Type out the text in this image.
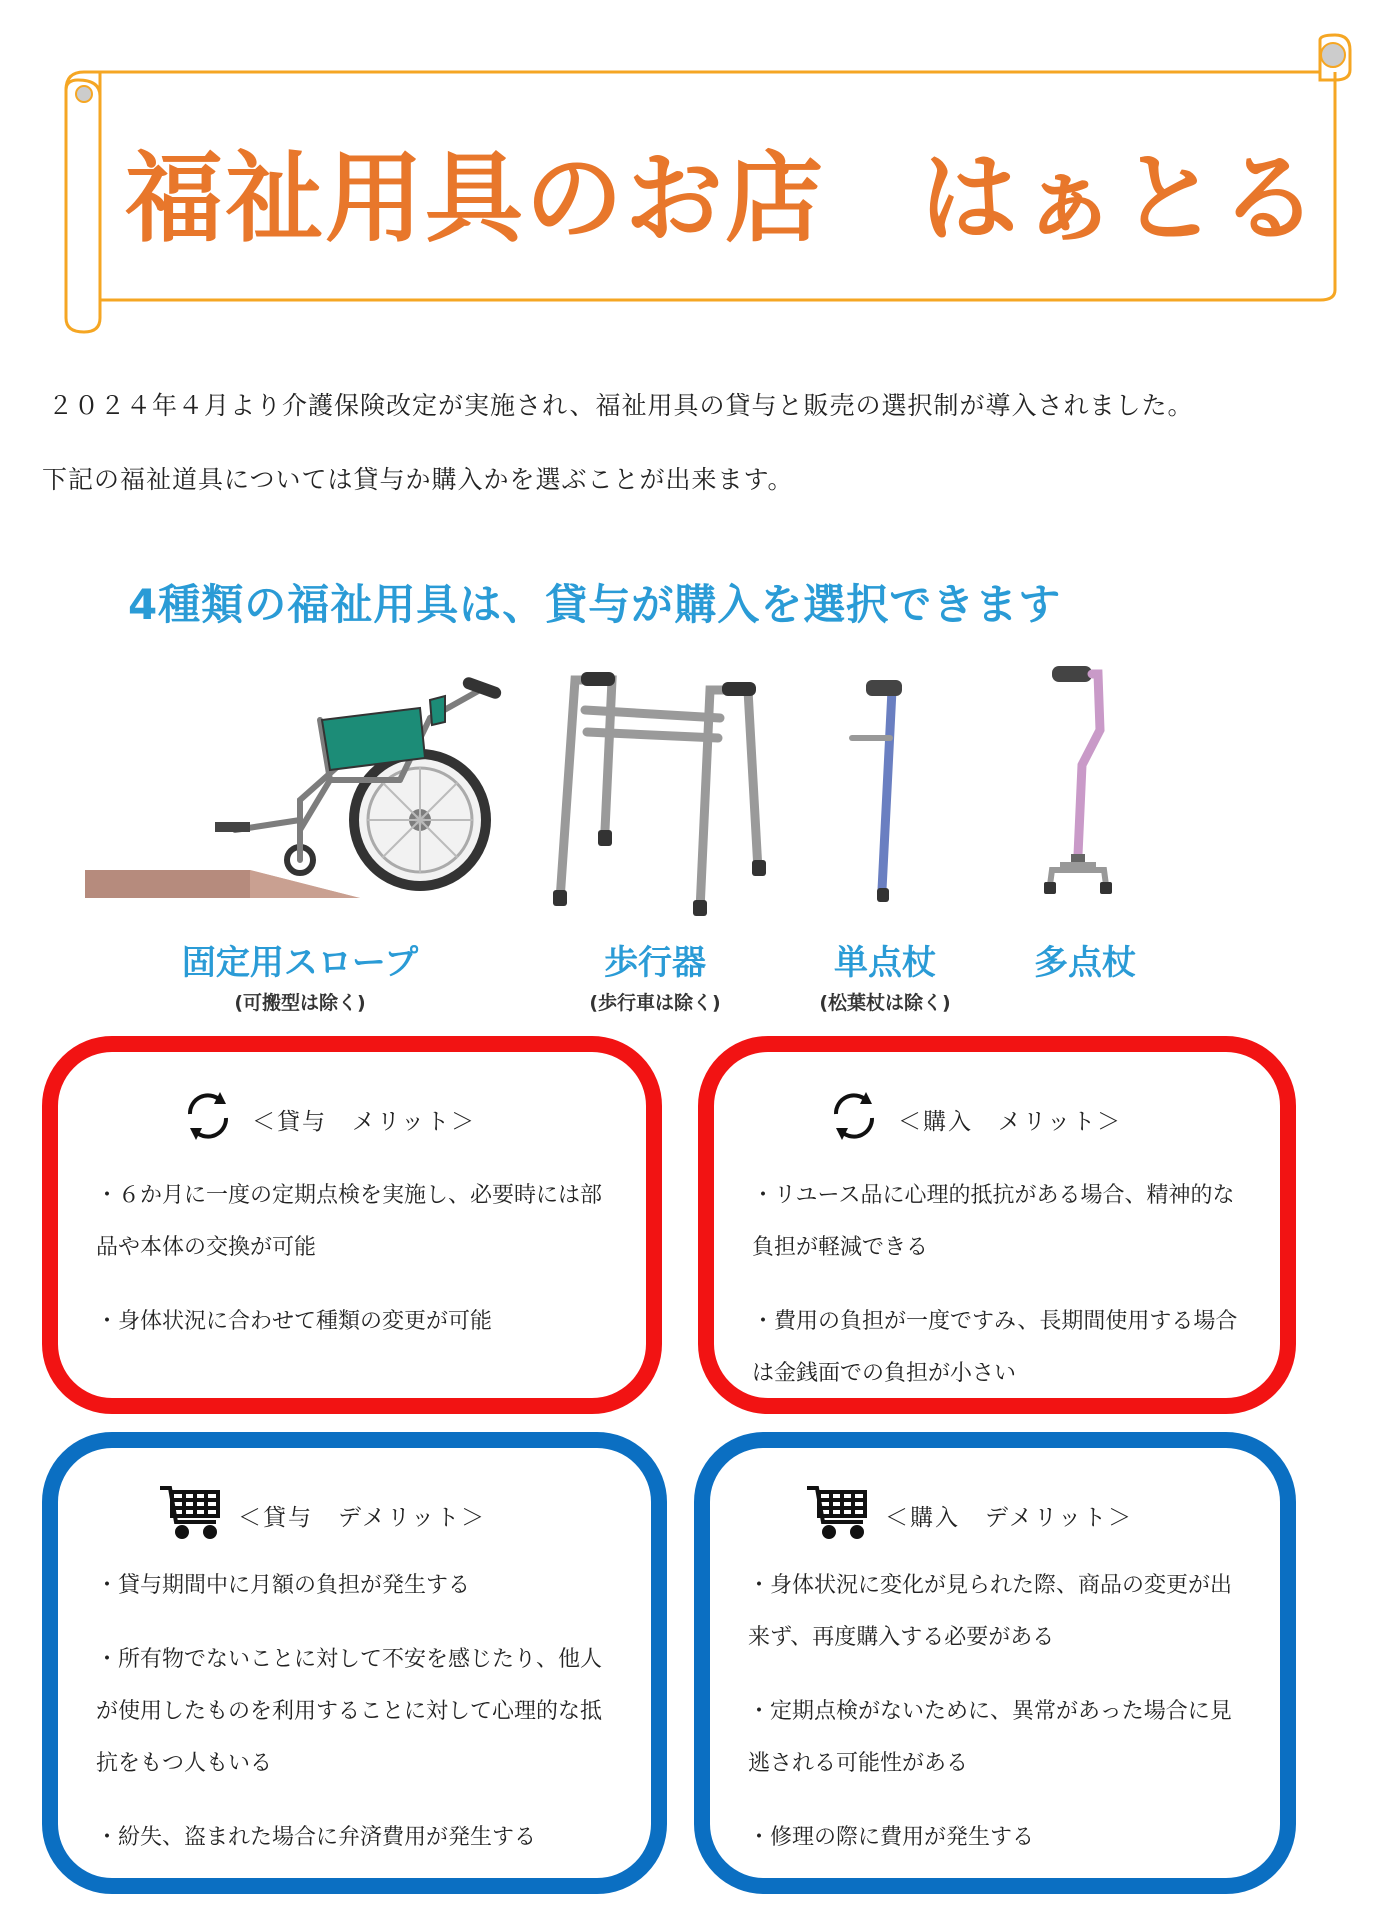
福祉用具のお店 はぁとる
２０２４年４月より介護保険改定が実施され、福祉用具の貸与と販売の選択制が導入されました。
下記の福祉道具については貸与か購入かを選ぶことが出来ます。
4種類の福祉用具は、貸与が購入を選択できます
固定用スロープ
(可搬型は除く)
歩行器
(歩行車は除く)
単点杖
(松葉杖は除く)
多点杖
＜貸与　メリット＞

・６か月に一度の定期点検を実施し、必要時には部品や本体の交換が可能

・身体状況に合わせて種類の変更が可能

＜購入　メリット＞

・リユース品に心理的抵抗がある場合、精神的な負担が軽減できる

・費用の負担が一度ですみ、長期間使用する場合は金銭面での負担が小さい

＜貸与　デメリット＞

・貸与期間中に月額の負担が発生する

・所有物でないことに対して不安を感じたり、他人が使用したものを利用することに対して心理的な抵抗をもつ人もいる

・紛失、盗まれた場合に弁済費用が発生する

＜購入　デメリット＞

・身体状況に変化が見られた際、商品の変更が出来ず、再度購入する必要がある

・定期点検がないために、異常があった場合に見逃される可能性がある

・修理の際に費用が発生する
